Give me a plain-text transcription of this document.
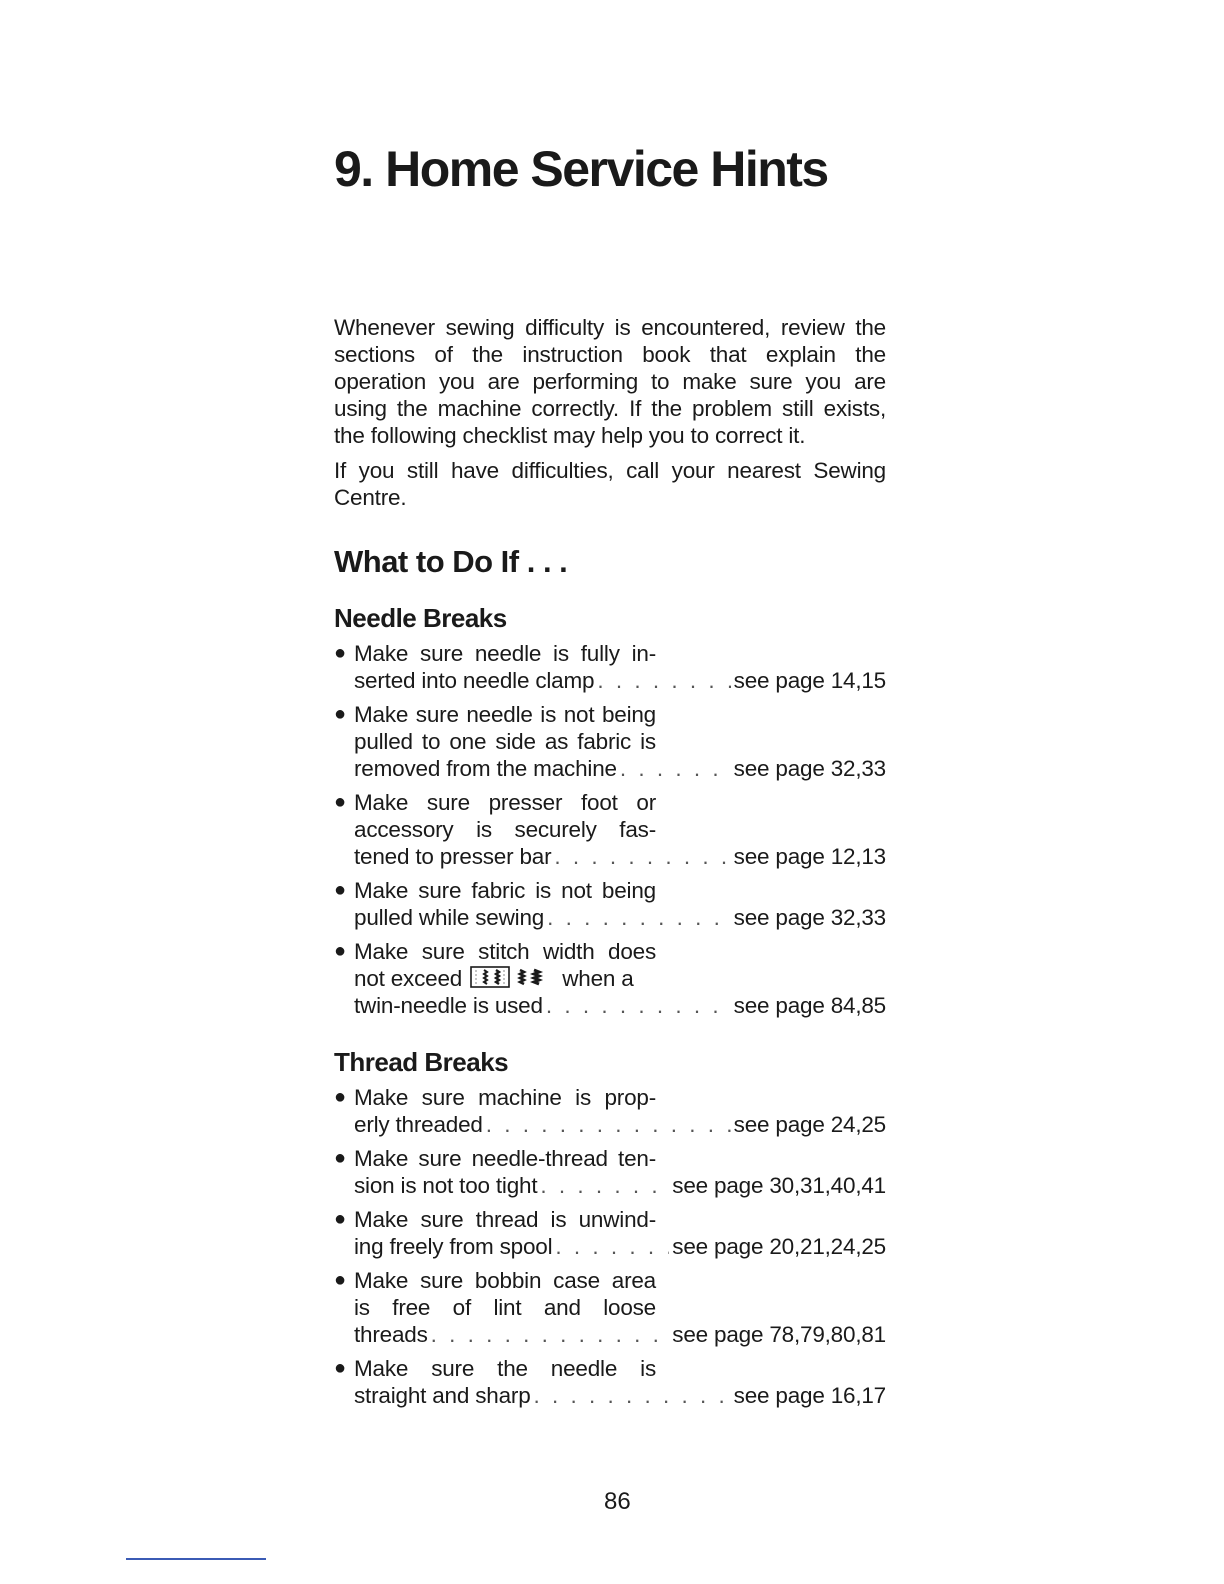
9. Home Service Hints

Whenever sewing difficulty is encountered, review the sections of the instruction book that explain the operation you are performing to make sure you are using the machine correctly. If the problem still exists, the following checklist may help you to correct it.

If you still have difficulties, call your nearest Sewing Centre.

What to Do If . . .
Needle Breaks
● Make sure needle is fully in-
serted into needle clamp . . .	see page 14,15
● Make sure needle is not being
pulled to one side as fabric is
removed from the machine . . .	see page 32,33
● Make sure presser foot or
accessory is securely fas-
tened to presser bar . . .	see page 12,13
● Make sure fabric is not being
pulled while sewing . . .	see page 32,33
● Make sure stitch width does
not exceed	when a
twin-needle is used . . .	see page 84,85
Thread Breaks
● Make sure machine is prop-
erly threaded . . .	see page 24,25
● Make sure needle-thread ten-
sion is not too tight . . .	see page 30,31,40,41
● Make sure thread is unwind-
ing freely from spool . . .	see page 20,21,24,25
● Make sure bobbin case area
is free of lint and loose
threads . . .	see page 78,79,80,81
● Make sure the needle is
straight and sharp . . .	see page 16,17
86
